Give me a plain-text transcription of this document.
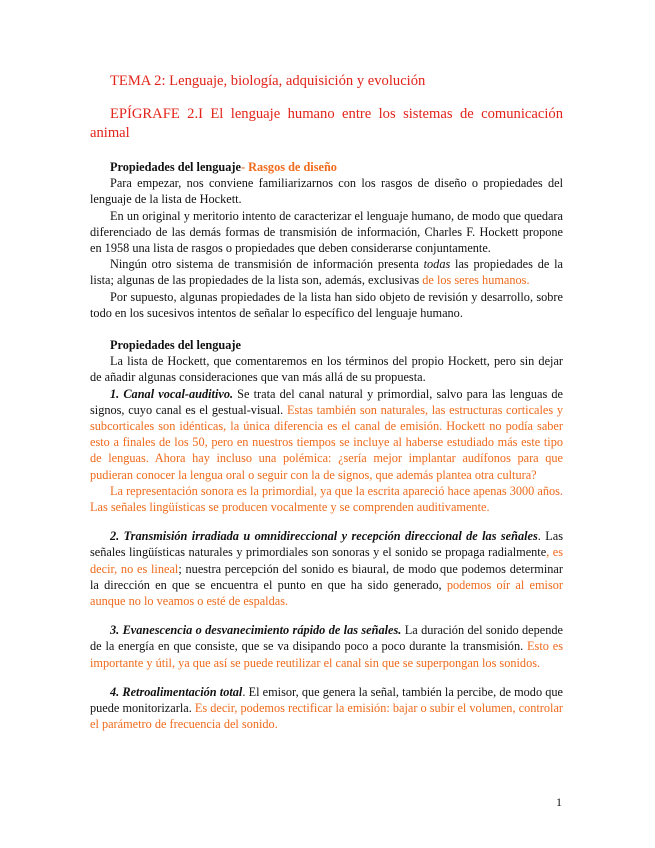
TEMA 2: Lenguaje, biología, adquisición y evolución
EPÍGRAFE 2.I El lenguaje humano entre los sistemas de comunicación animal

Propiedades del lenguaje- Rasgos de diseño

Para empezar, nos conviene familiarizarnos con los rasgos de diseño o propiedades del lenguaje de la lista de Hockett.

En un original y meritorio intento de caracterizar el lenguaje humano, de modo que quedara diferenciado de las demás formas de transmisión de información, Charles F. Hockett propone en 1958 una lista de rasgos o propiedades que deben considerarse conjuntamente.

Ningún otro sistema de transmisión de información presenta todas las propiedades de la lista; algunas de las propiedades de la lista son, además, exclusivas de los seres humanos.

Por supuesto, algunas propiedades de la lista han sido objeto de revisión y desarrollo, sobre todo en los sucesivos intentos de señalar lo específico del lenguaje humano.

Propiedades del lenguaje

La lista de Hockett, que comentaremos en los términos del propio Hockett, pero sin dejar de añadir algunas consideraciones que van más allá de su propuesta.

1. Canal vocal-auditivo. Se trata del canal natural y primordial, salvo para las lenguas de signos, cuyo canal es el gestual-visual. Estas también son naturales, las estructuras corticales y subcorticales son idénticas, la única diferencia es el canal de emisión. Hockett no podía saber esto a finales de los 50, pero en nuestros tiempos se incluye al haberse estudiado más este tipo de lenguas. Ahora hay incluso una polémica: ¿sería mejor implantar audífonos para que pudieran conocer la lengua oral o seguir con la de signos, que además plantea otra cultura?

La representación sonora es la primordial, ya que la escrita apareció hace apenas 3000 años. Las señales lingüísticas se producen vocalmente y se comprenden auditivamente.

2. Transmisión irradiada u omnidireccional y recepción direccional de las señales. Las señales lingüísticas naturales y primordiales son sonoras y el sonido se propaga radialmente, es decir, no es lineal; nuestra percepción del sonido es biaural, de modo que podemos determinar la dirección en que se encuentra el punto en que ha sido generado, podemos oír al emisor aunque no lo veamos o esté de espaldas.

3. Evanescencia o desvanecimiento rápido de las señales. La duración del sonido depende de la energía en que consiste, que se va disipando poco a poco durante la transmisión. Esto es importante y útil, ya que así se puede reutilizar el canal sin que se superpongan los sonidos.

4. Retroalimentación total. El emisor, que genera la señal, también la percibe, de modo que puede monitorizarla. Es decir, podemos rectificar la emisión: bajar o subir el volumen, controlar el parámetro de frecuencia del sonido.

1
